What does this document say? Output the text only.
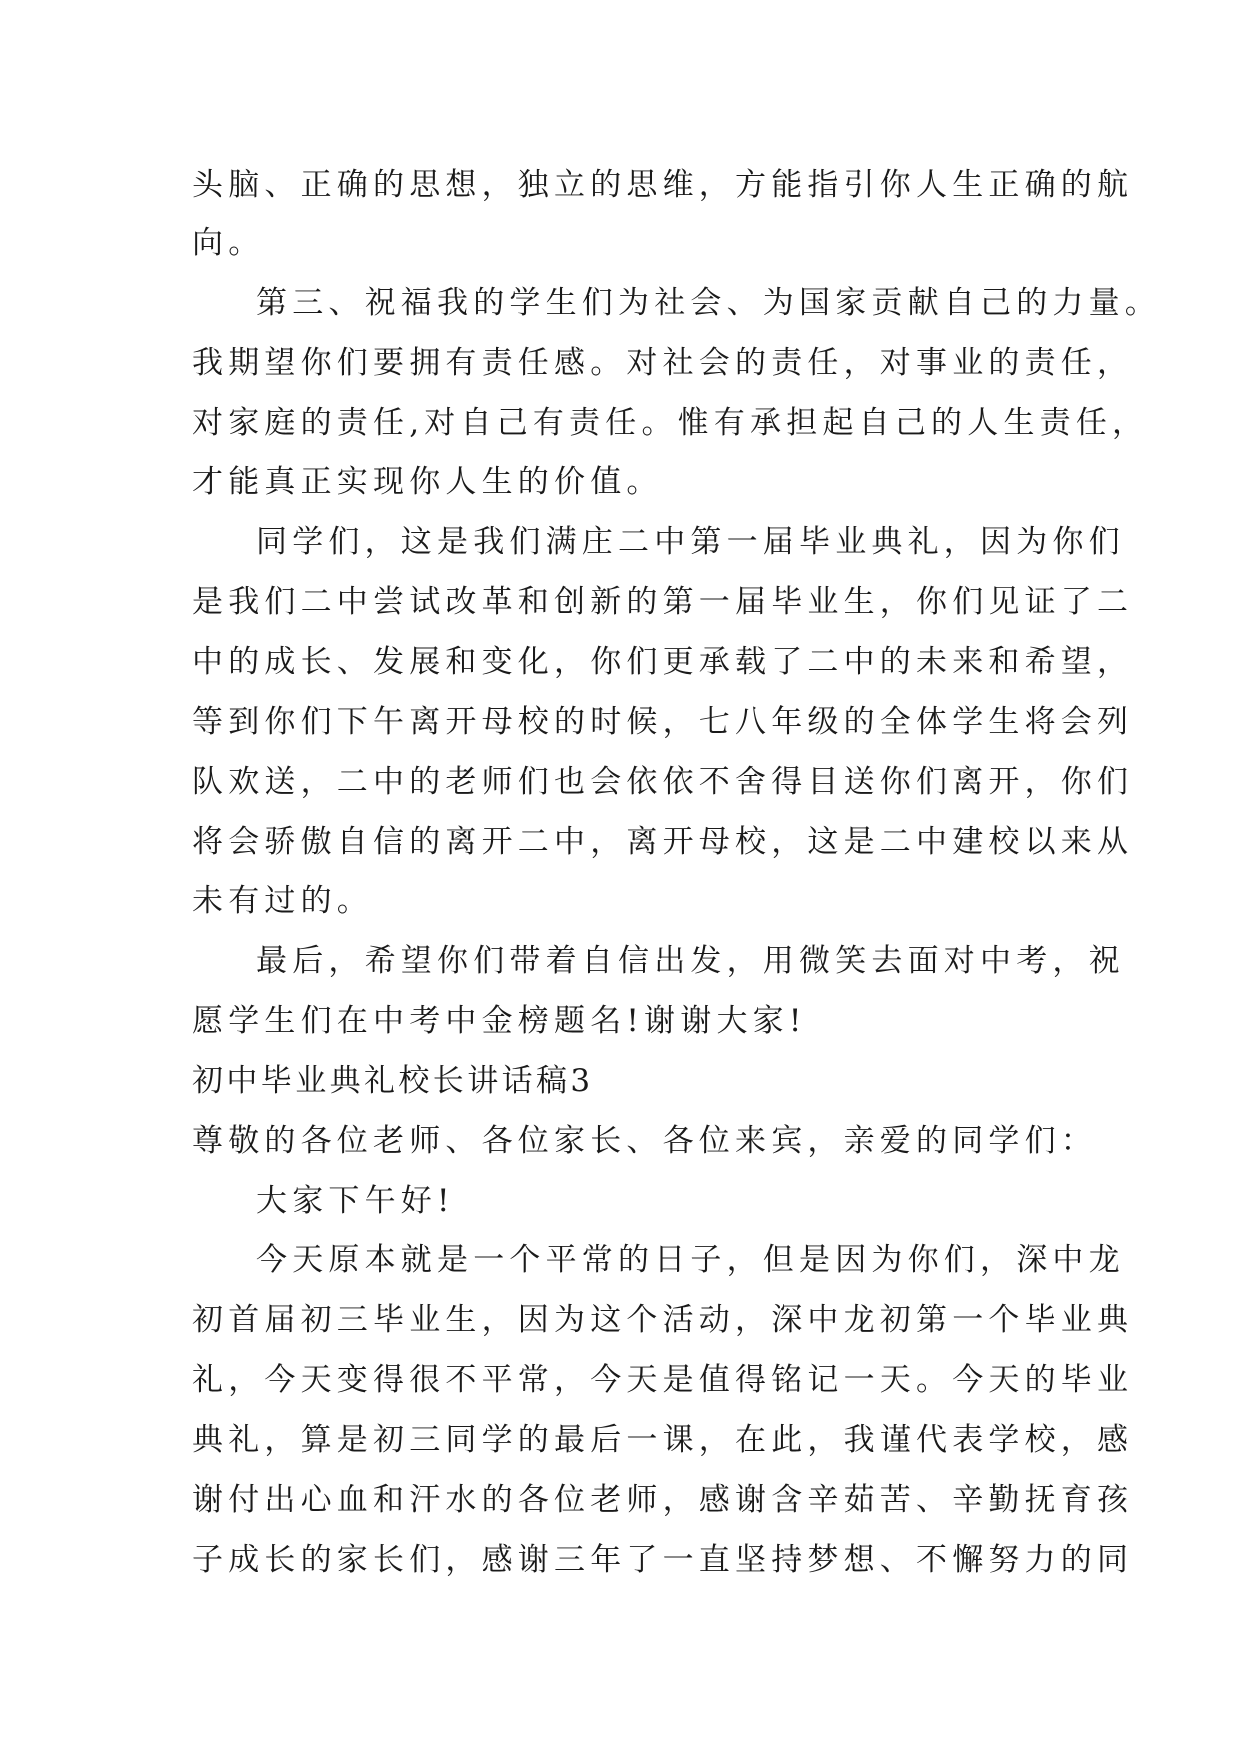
头脑、正确的思想，独立的思维，方能指引你人生正确的航
向。
第三、祝福我的学生们为社会、为国家贡献自己的力量。
我期望你们要拥有责任感。对社会的责任，对事业的责任，
对家庭的责任,对自己有责任。惟有承担起自己的人生责任，
才能真正实现你人生的价值。
同学们，这是我们满庄二中第一届毕业典礼，因为你们
是我们二中尝试改革和创新的第一届毕业生，你们见证了二
中的成长、发展和变化，你们更承载了二中的未来和希望，
等到你们下午离开母校的时候，七八年级的全体学生将会列
队欢送，二中的老师们也会依依不舍得目送你们离开，你们
将会骄傲自信的离开二中，离开母校，这是二中建校以来从
未有过的。
最后，希望你们带着自信出发，用微笑去面对中考，祝
愿学生们在中考中金榜题名!谢谢大家!
初中毕业典礼校长讲话稿3
尊敬的各位老师、各位家长、各位来宾，亲爱的同学们：
大家下午好!
今天原本就是一个平常的日子，但是因为你们，深中龙
初首届初三毕业生，因为这个活动，深中龙初第一个毕业典
礼，今天变得很不平常，今天是值得铭记一天。今天的毕业
典礼，算是初三同学的最后一课，在此，我谨代表学校，感
谢付出心血和汗水的各位老师，感谢含辛茹苦、辛勤抚育孩
子成长的家长们，感谢三年了一直坚持梦想、不懈努力的同
